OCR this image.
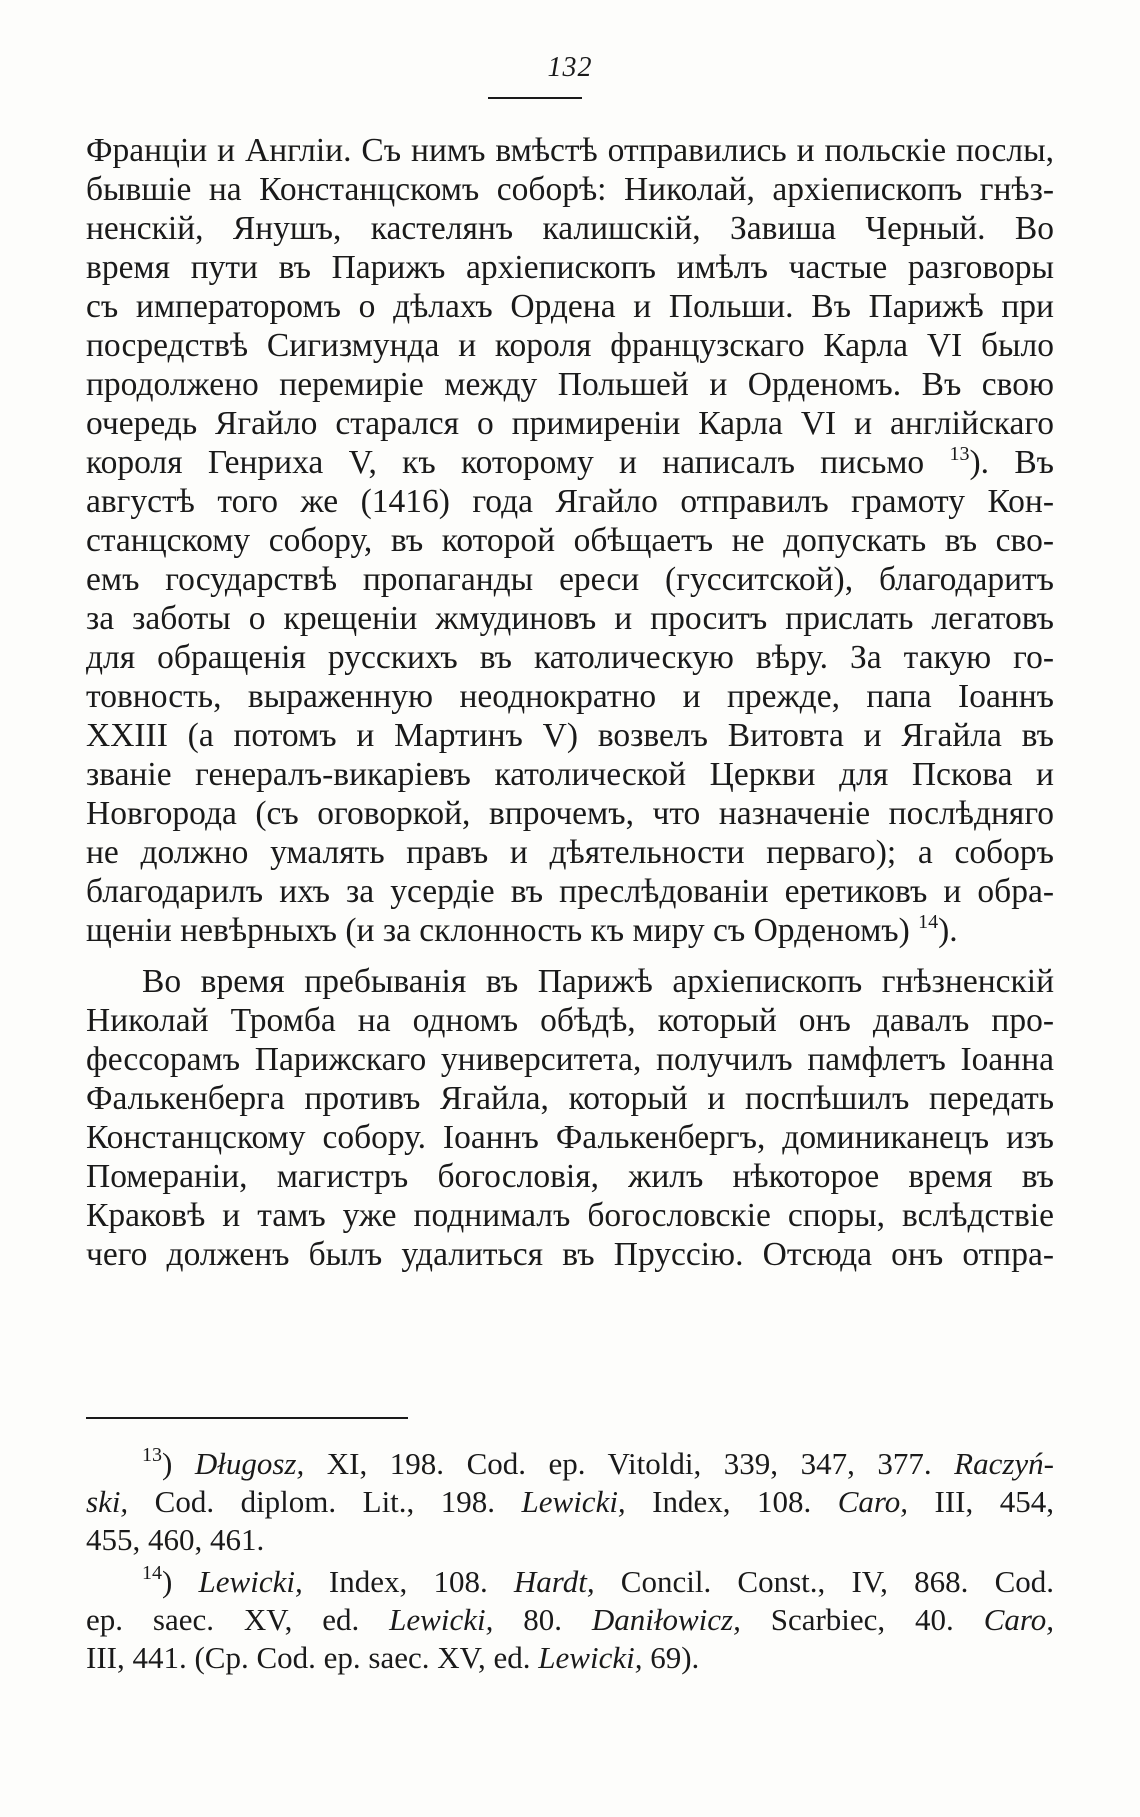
132
Франціи и Англіи. Съ нимъ вмѣстѣ отправились и польскіе послы,
бывшіе на Констанцскомъ соборѣ: Николай, архіепископъ гнѣз-
ненскій, Янушъ, кастелянъ калишскій, Завиша Черный. Во
время пути въ Парижъ архіепископъ имѣлъ частые разговоры
съ императоромъ о дѣлахъ Ордена и Польши. Въ Парижѣ при
посредствѣ Сигизмунда и короля французскаго Карла VI было
продолжено перемиріе между Польшей и Орденомъ. Въ свою
очередь Ягайло старался о примиреніи Карла VI и англійскаго
короля Генриха V, къ которому и написалъ письмо $^{13}$). Въ
августѣ того же (1416) года Ягайло отправилъ грамоту Кон-
станцскому собору, въ которой обѣщаетъ не допускать въ сво-
емъ государствѣ пропаганды ереси (гусситской), благодаритъ
за заботы о крещеніи жмудиновъ и проситъ прислать легатовъ
для обращенія русскихъ въ католическую вѣру. За такую го-
товность, выраженную неоднократно и прежде, папа Іоаннъ
XXIII (а потомъ и Мартинъ V) возвелъ Витовта и Ягайла въ
званіе генералъ-викаріевъ католической Церкви для Пскова и
Новгорода (съ оговоркой, впрочемъ, что назначеніе послѣдняго
не должно умалять правъ и дѣятельности перваго); а соборъ
благодарилъ ихъ за усердіе въ преслѣдованіи еретиковъ и обра-
щеніи невѣрныхъ (и за склонность къ миру съ Орденомъ) $^{14}$).
Во время пребыванія въ Парижѣ архіепископъ гнѣзненскій
Николай Тромба на одномъ обѣдѣ, который онъ давалъ про-
фессорамъ Парижскаго университета, получилъ памфлетъ Іоанна
Фалькенберга противъ Ягайла, который и поспѣшилъ передать
Констанцскому собору. Іоаннъ Фалькенбергъ, доминиканецъ изъ
Помераніи, магистръ богословія, жилъ нѣкоторое время въ
Краковѣ и тамъ уже поднималъ богословскіе споры, вслѣдствіе
чего долженъ былъ удалиться въ Пруссію. Отсюда онъ отпра-
$^{13}$) Długosz, XI, 198. Cod. ep. Vitoldi, 339, 347, 377. Raczyń-
ski, Cod. diplom. Lit., 198. Lewicki, Index, 108. Caro, III, 454,
455, 460, 461.
$^{14}$) Lewicki, Index, 108. Hardt, Concil. Const., IV, 868. Cod.
ep. saec. XV, ed. Lewicki, 80. Daniłowicz, Scarbiec, 40. Caro,
III, 441. (Cp. Cod. ep. saec. XV, ed. Lewicki, 69).
